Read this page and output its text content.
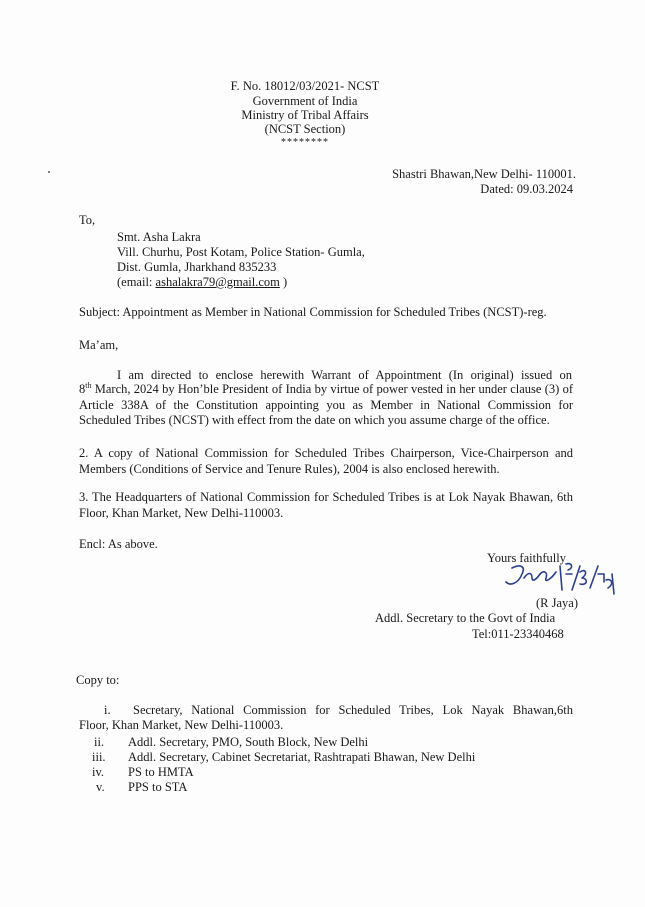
F. No. 18012/03/2021- NCST
Government of India
Ministry of Tribal Affairs
(NCST Section)
********
Shastri Bhawan,New Delhi- 110001.
Dated: 09.03.2024
To,
Smt. Asha Lakra
Vill. Churhu, Post Kotam, Police Station- Gumla,
Dist. Gumla, Jharkhand 835233
(email: ashalakra79@gmail.com )
Subject: Appointment as Member in National Commission for Scheduled Tribes (NCST)-reg.
Ma’am,
I am directed to enclose herewith Warrant of Appointment (In original) issued on
8th March, 2024 by Hon’ble President of India by virtue of power vested in her under clause (3) of Article 338A of the Constitution appointing you as Member in National Commission for Scheduled Tribes (NCST) with effect from the date on which you assume charge of the office.
2. A copy of National Commission for Scheduled Tribes Chairperson, Vice-Chairperson and Members (Conditions of Service and Tenure Rules), 2004 is also enclosed herewith.
3. The Headquarters of National Commission for Scheduled Tribes is at Lok Nayak Bhawan, 6th Floor, Khan Market, New Delhi-110003.
Encl: As above.
Yours faithfully
(R Jaya)
Addl. Secretary to the Govt of India
Tel:011-23340468
Copy to:
i. Secretary, National Commission for Scheduled Tribes, Lok Nayak Bhawan,6th
Floor, Khan Market, New Delhi-110003.
ii. Addl. Secretary, PMO, South Block, New Delhi
iii. Addl. Secretary, Cabinet Secretariat, Rashtrapati Bhawan, New Delhi
iv. PS to HMTA
v. PPS to STA
